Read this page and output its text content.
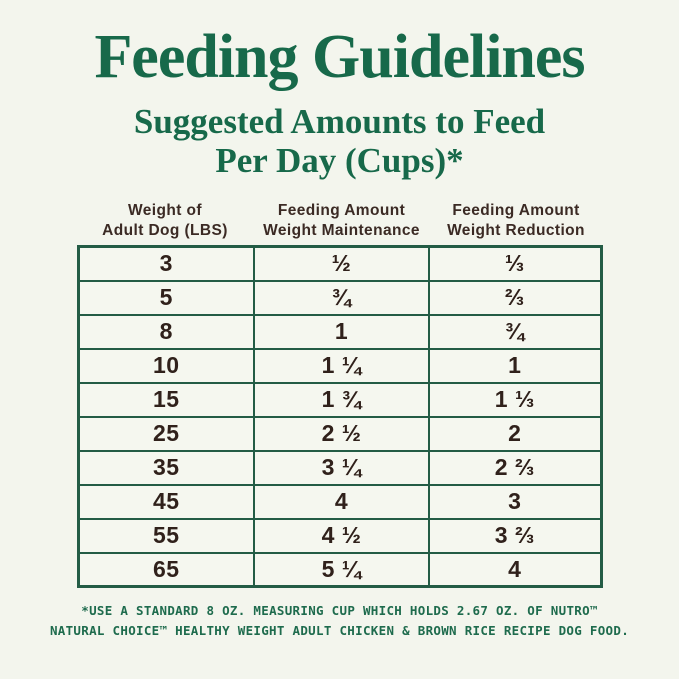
Feeding Guidelines
Suggested Amounts to Feed
Per Day (Cups)*
Weight of
Adult Dog (LBS)
Feeding Amount
Weight Maintenance
Feeding Amount
Weight Reduction
3	½	⅓
5	¾	⅔
8	1	¾
10	1 ¼	1
15	1 ¾	1 ⅓
25	2 ½	2
35	3 ¼	2 ⅔
45	4	3
55	4 ½	3 ⅔
65	5 ¼	4
*USE A STANDARD 8 OZ. MEASURING CUP WHICH HOLDS 2.67 OZ. OF NUTRO™
NATURAL CHOICE™ HEALTHY WEIGHT ADULT CHICKEN & BROWN RICE RECIPE DOG FOOD.
